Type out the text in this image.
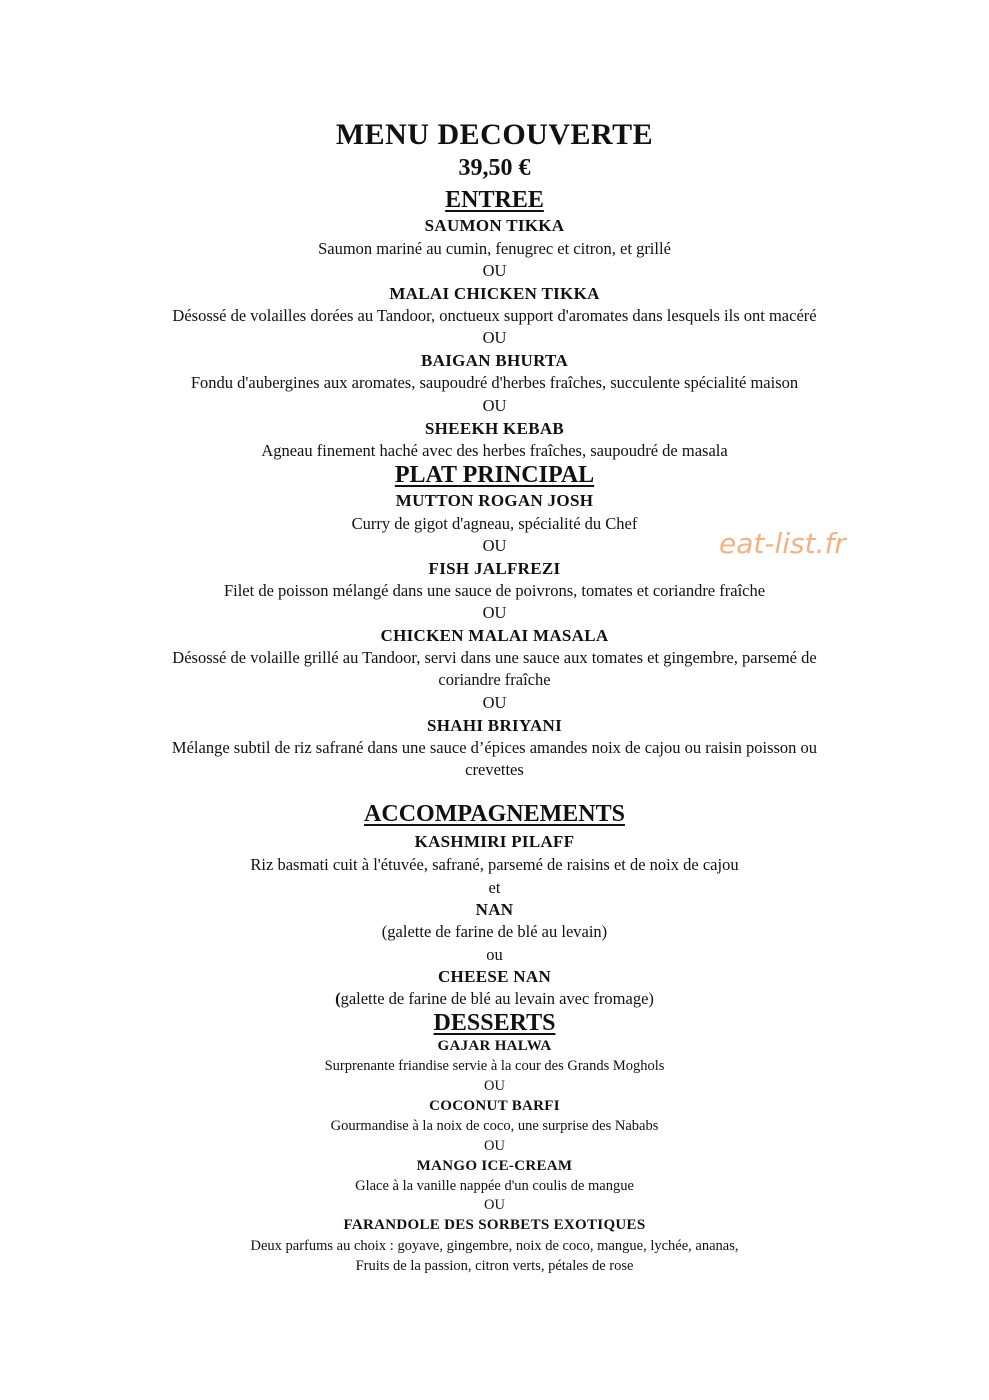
MENU DECOUVERTE
39,50 €
ENTREE
SAUMON TIKKA
Saumon mariné au cumin, fenugrec et citron, et grillé
OU
MALAI CHICKEN TIKKA
Désossé de volailles dorées au Tandoor, onctueux support d'aromates dans lesquels ils ont macéré
OU
BAIGAN BHURTA
Fondu d'aubergines aux aromates, saupoudré d'herbes fraîches, succulente spécialité maison
OU
SHEEKH KEBAB
Agneau finement haché avec des herbes fraîches, saupoudré de masala
PLAT PRINCIPAL
MUTTON ROGAN JOSH
Curry de gigot d'agneau, spécialité du Chef
OU
FISH JALFREZI
Filet de poisson mélangé dans une sauce de poivrons, tomates et coriandre fraîche
OU
CHICKEN MALAI MASALA
Désossé de volaille grillé au Tandoor, servi dans une sauce aux tomates et gingembre, parsemé de
coriandre fraîche
OU
SHAHI BRIYANI
Mélange subtil de riz safrané dans une sauce d’épices amandes noix de cajou ou raisin poisson ou
crevettes
ACCOMPAGNEMENTS
KASHMIRI PILAFF
Riz basmati cuit à l'étuvée, safrané, parsemé de raisins et de noix de cajou
et
NAN
(galette de farine de blé au levain)
ou
CHEESE NAN
(galette de farine de blé au levain avec fromage)
DESSERTS
GAJAR HALWA
Surprenante friandise servie à la cour des Grands Moghols
OU
COCONUT BARFI
Gourmandise à la noix de coco, une surprise des Nababs
OU
MANGO ICE-CREAM
Glace à la vanille nappée d'un coulis de mangue
OU
FARANDOLE DES SORBETS EXOTIQUES
Deux parfums au choix : goyave, gingembre, noix de coco, mangue, lychée, ananas,
Fruits de la passion, citron verts, pétales de rose
eat-list.fr
